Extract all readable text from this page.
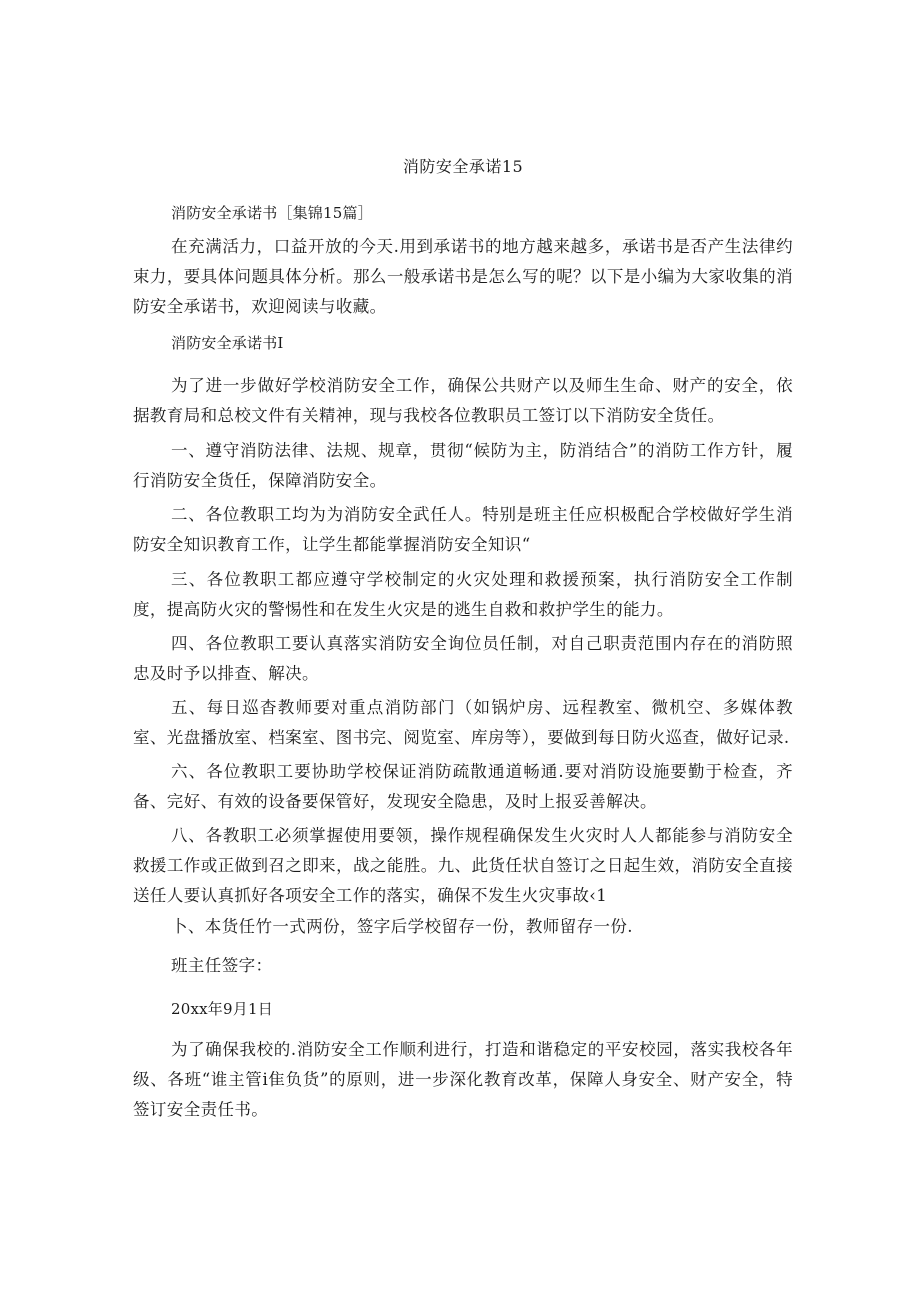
消防安全承诺15

消防安全承诺书［集锦15篇］

在充满活力，口益开放的今天.用到承诺书的地方越来越多，承诺书是否产生法律约束力，要具体问题具体分析。那么一般承诺书是怎么写的呢？以下是小编为大家收集的消防安全承诺书，欢迎阅读与收藏。

消防安全承诺书I

为了进一步做好学校消防安全工作，确保公共财产以及师生生命、财产的安全，依据教育局和总校文件有关精神，现与我校各位教职员工签订以下消防安全货任。

一、遵守消防法律、法规、规章，贯彻“候防为主，防消结合”的消防工作方针，履行消防安全货任，保障消防安全。

二、各位教职工均为为消防安全武任人。特别是班主任应枳极配合学校做好学生消防安全知识教育工作，让学生都能掌握消防安全知识“

三、各位教职工都应遵守学校制定的火灾处理和救援预案，执行消防安全工作制度，提高防火灾的警惕性和在发生火灾是的逃生自救和救护学生的能力。

四、各位教职工要认真落实消防安全询位员任制，对自己职责范围内存在的消防照忠及时予以排查、解决。

五、每日巡杳教师要对重点消防部门（如锅炉房、远程教室、微机空、多媒体教室、光盘播放室、档案室、图书完、阅览室、库房等），要做到每日防火巡查，做好记录.

六、各位教职工要协助学校保证消防疏散通道畅通.要对消防设施要勤于检查，齐备、完好、有效的设备要保管好，发现安全隐患，及时上报妥善解决。

八、各教职工必须掌握使用要领，操作规程确保发生火灾时人人都能参与消防安全救援工作或正做到召之即来，战之能胜。九、此货任状自签订之日起生效，消防安全直接送任人要认真抓好各项安全工作的落实，确保不发生火灾事故‹1

卜、本货任竹一式两份，签字后学校留存一份，教师留存一份.

班主任签字：

20xx年9月1日

为了确保我校的.消防安全工作顺利进行，打造和谐稳定的平安校园，落实我校各年级、各班“谁主管i隹负货”的原则，进一步深化教育改革，保障人身安全、财产安全，特签订安全责任书。
